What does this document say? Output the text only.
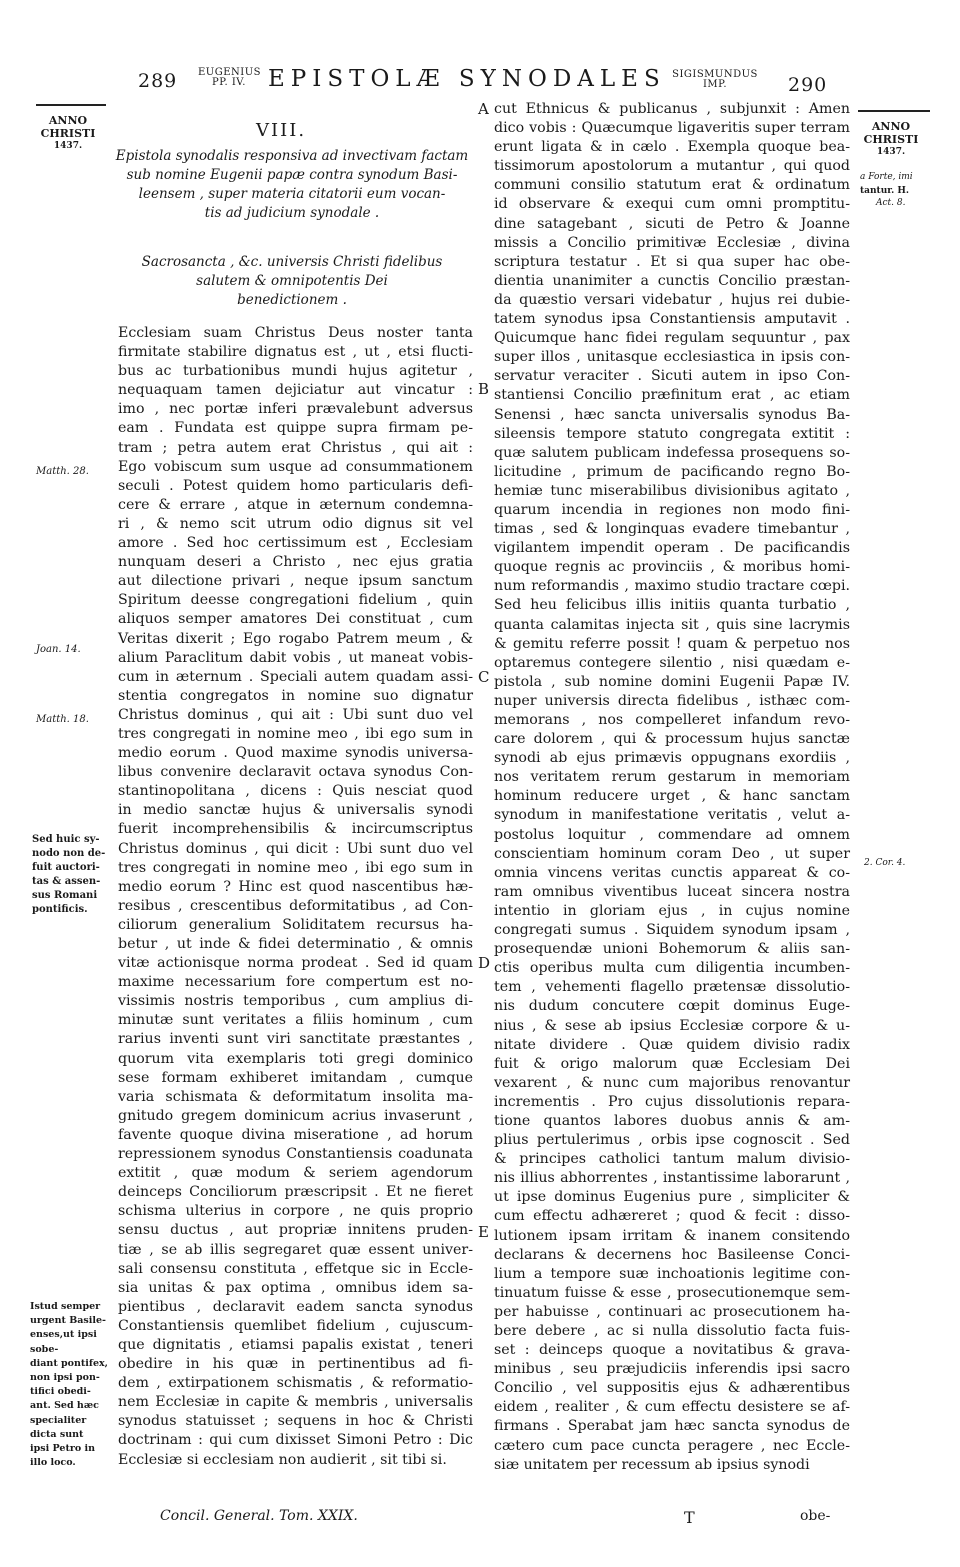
289 EUGENIUS
PP. IV. EPISTOLÆ SYNODALES SIGISMUNDUS
IMP.	290
ANNO
CHRISTI
1437.
Matth. 28.
Joan. 14.
Matth. 18.
Sed huic sy-
nodo non de-
fuit auctori-
tas & assen-
sus Romani
pontificis.
Istud semper
urgent Basile-
enses,ut ipsi sobe-
diant pontifex,
non ipsi pon-
tifici obedi-
ant. Sed hæc
specialiter
dicta sunt
ipsi Petro in
illo loco.
ANNO
CHRISTI
1437.
a Forte, imi
tantur. H.
Act. 8.
2. Cor. 4.
VIII.
Epistola synodalis responsiva ad invectivam factam
sub nomine Eugenii papæ contra synodum Basi-
leensem , super materia citatorii eum vocan-
tis ad judicium synodale .
Sacrosancta , &c. universis Christi fidelibus
salutem & omnipotentis Dei
benedictionem .
Ecclesiam suam Christus Deus noster tanta
firmitate stabilire dignatus est , ut , etsi flucti-
bus ac turbationibus mundi hujus agitetur ,
nequaquam tamen dejiciatur aut vincatur :
imo , nec portæ inferi prævalebunt adversus
eam . Fundata est quippe supra firmam pe-
tram ; petra autem erat Christus , qui ait :
Ego vobiscum sum usque ad consummationem
seculi . Potest quidem homo particularis defi-
cere & errare , atque in æternum condemna-
ri , & nemo scit utrum odio dignus sit vel
amore . Sed hoc certissimum est , Ecclesiam
nunquam deseri a Christo , nec ejus gratia
aut dilectione privari , neque ipsum sanctum
Spiritum deesse congregationi fidelium , quin
aliquos semper amatores Dei constituat , cum
Veritas dixerit ; Ego rogabo Patrem meum , &
alium Paraclitum dabit vobis , ut maneat vobis-
cum in æternum . Speciali autem quadam assi-
stentia congregatos in nomine suo dignatur
Christus dominus , qui ait : Ubi sunt duo vel
tres congregati in nomine meo , ibi ego sum in
medio eorum . Quod maxime synodis universa-
libus convenire declaravit octava synodus Con-
stantinopolitana , dicens : Quis nesciat quod
in medio sanctæ hujus & universalis synodi
fuerit incomprehensibilis & incircumscriptus
Christus dominus , qui dicit : Ubi sunt duo vel
tres congregati in nomine meo , ibi ego sum in
medio eorum ? Hinc est quod nascentibus hæ-
resibus , crescentibus deformitatibus , ad Con-
ciliorum generalium Soliditatem recursus ha-
betur , ut inde & fidei determinatio , & omnis
vitæ actionisque norma prodeat . Sed id quam
maxime necessarium fore compertum est no-
vissimis nostris temporibus , cum amplius di-
minutæ sunt veritates a filiis hominum , cum
rarius inventi sunt viri sanctitate præstantes ,
quorum vita exemplaris toti gregi dominico
sese formam exhiberet imitandam , cumque
varia schismata & deformitatum insolita ma-
gnitudo gregem dominicum acrius invaserunt ,
favente quoque divina miseratione , ad horum
repressionem synodus Constantiensis coadunata
extitit , quæ modum & seriem agendorum
deinceps Conciliorum præscripsit . Et ne fieret
schisma ulterius in corpore , ne quis proprio
sensu ductus , aut propriæ innitens pruden-
tiæ , se ab illis segregaret quæ essent univer-
sali consensu constituta , effetque sic in Eccle-
sia unitas & pax optima , omnibus idem sa-
pientibus , declaravit eadem sancta synodus
Constantiensis quemlibet fidelium , cujuscum-
que dignitatis , etiamsi papalis existat , teneri
obedire in his quæ in pertinentibus ad fi-
dem , extirpationem schismatis , & reformatio-
nem Ecclesiæ in capite & membris , universalis
synodus statuisset ; sequens in hoc & Christi
doctrinam : qui cum dixisset Simoni Petro : Dic
Ecclesiæ si ecclesiam non audierit , sit tibi si.
cut Ethnicus & publicanus , subjunxit : Amen
dico vobis : Quæcumque ligaveritis super terram
erunt ligata & in cælo . Exempla quoque bea-
tissimorum apostolorum a mutantur , qui quod
communi consilio statutum erat & ordinatum
id observare & exequi cum omni promptitu-
dine satagebant , sicuti de Petro & Joanne
missis a Concilio primitivæ Ecclesiæ , divina
scriptura testatur . Et si qua super hac obe-
dientia unanimiter a cunctis Concilio præstan-
da quæstio versari videbatur , hujus rei dubie-
tatem synodus ipsa Constantiensis amputavit .
Quicumque hanc fidei regulam sequuntur , pax
super illos , unitasque ecclesiastica in ipsis con-
servatur veraciter . Sicuti autem in ipso Con-
stantiensi Concilio præfinitum erat , ac etiam
Senensi , hæc sancta universalis synodus Ba-
sileensis tempore statuto congregata extitit :
quæ salutem publicam indefessa prosequens so-
licitudine , primum de pacificando regno Bo-
hemiæ tunc miserabilibus divisionibus agitato ,
quarum incendia in regiones non modo fini-
timas , sed & longinquas evadere timebantur ,
vigilantem impendit operam . De pacificandis
quoque regnis ac provinciis , & moribus homi-
num reformandis , maximo studio tractare cœpi.
Sed heu felicibus illis initiis quanta turbatio ,
quanta calamitas injecta sit , quis sine lacrymis
& gemitu referre possit ! quam & perpetuo nos
optaremus contegere silentio , nisi quædam e-
pistola , sub nomine domini Eugenii Papæ IV.
nuper universis directa fidelibus , isthæc com-
memorans , nos compelleret infandum revo-
care dolorem , qui & processum hujus sanctæ
synodi ab ejus primævis oppugnans exordiis ,
nos veritatem rerum gestarum in memoriam
hominum reducere urget , & hanc sanctam
synodum in manifestatione veritatis , velut a-
postolus loquitur , commendare ad omnem
conscientiam hominum coram Deo , ut super
omnia vincens veritas cunctis appareat & co-
ram omnibus viventibus luceat sincera nostra
intentio in gloriam ejus , in cujus nomine
congregati sumus . Siquidem synodum ipsam ,
prosequendæ unioni Bohemorum & aliis san-
ctis operibus multa cum diligentia incumben-
tem , vehementi flagello prætensæ dissolutio-
nis dudum concutere cœpit dominus Euge-
nius , & sese ab ipsius Ecclesiæ corpore & u-
nitate dividere . Quæ quidem divisio radix
fuit & origo malorum quæ Ecclesiam Dei
vexarent , & nunc cum majoribus renovantur
incrementis . Pro cujus dissolutionis repara-
tione quantos labores duobus annis & am-
plius pertulerimus , orbis ipse cognoscit . Sed
& principes catholici tantum malum divisio-
nis illius abhorrentes , instantissime laborarunt ,
ut ipse dominus Eugenius pure , simpliciter &
cum effectu adhæreret ; quod & fecit : disso-
lutionem ipsam irritam & inanem consitendo
declarans & decernens hoc Basileense Conci-
lium a tempore suæ inchoationis legitime con-
tinuatum fuisse & esse , prosecutionemque sem-
per habuisse , continuari ac prosecutionem ha-
bere debere , ac si nulla dissolutio facta fuis-
set : deinceps quoque a novitatibus & grava-
minibus , seu præjudiciis inferendis ipsi sacro
Concilio , vel suppositis ejus & adhærentibus
eidem , realiter , & cum effectu desistere se af-
firmans . Sperabat jam hæc sancta synodus de
cætero cum pace cuncta peragere , nec Eccle-
siæ unitatem per recessum ab ipsius synodi
A
B
C
D
E
Concil. General. Tom. XXIX.	T	obe-
